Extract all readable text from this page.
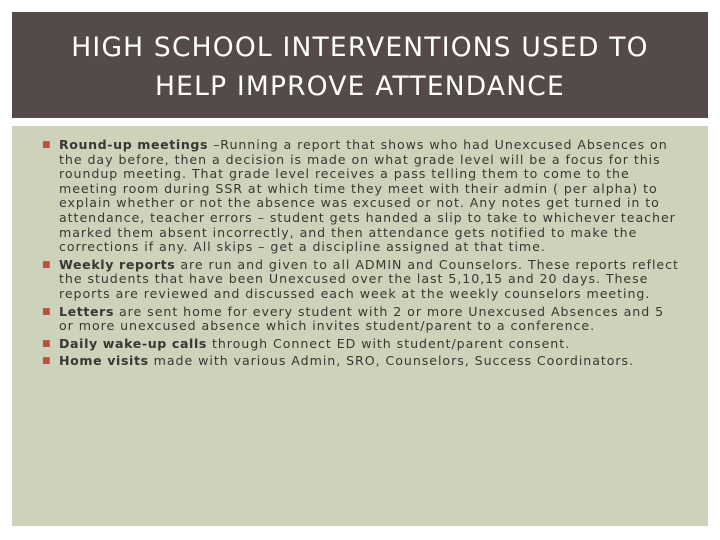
HIGH SCHOOL INTERVENTIONS USED TO HELP IMPROVE ATTENDANCE
■ Round-up meetings –Running a report that shows who had Unexcused Absences on the day before, then a decision is made on what grade level will be a focus for this roundup meeting. That grade level receives a pass telling them to come to the meeting room during SSR at which time they meet with their admin ( per alpha) to explain whether or not the absence was excused or not. Any notes get turned in to attendance, teacher errors – student gets handed a slip to take to whichever teacher marked them absent incorrectly, and then attendance gets notified to make the corrections if any. All skips – get a discipline assigned at that time.
■ Weekly reports are run and given to all ADMIN and Counselors. These reports reflect the students that have been Unexcused over the last 5,10,15 and 20 days. These reports are reviewed and discussed each week at the weekly counselors meeting.
■ Letters are sent home for every student with 2 or more Unexcused Absences and 5 or more unexcused absence which invites student/parent to a conference.
■ Daily wake-up calls through Connect ED with student/parent consent.
■ Home visits made with various Admin, SRO, Counselors, Success Coordinators.
